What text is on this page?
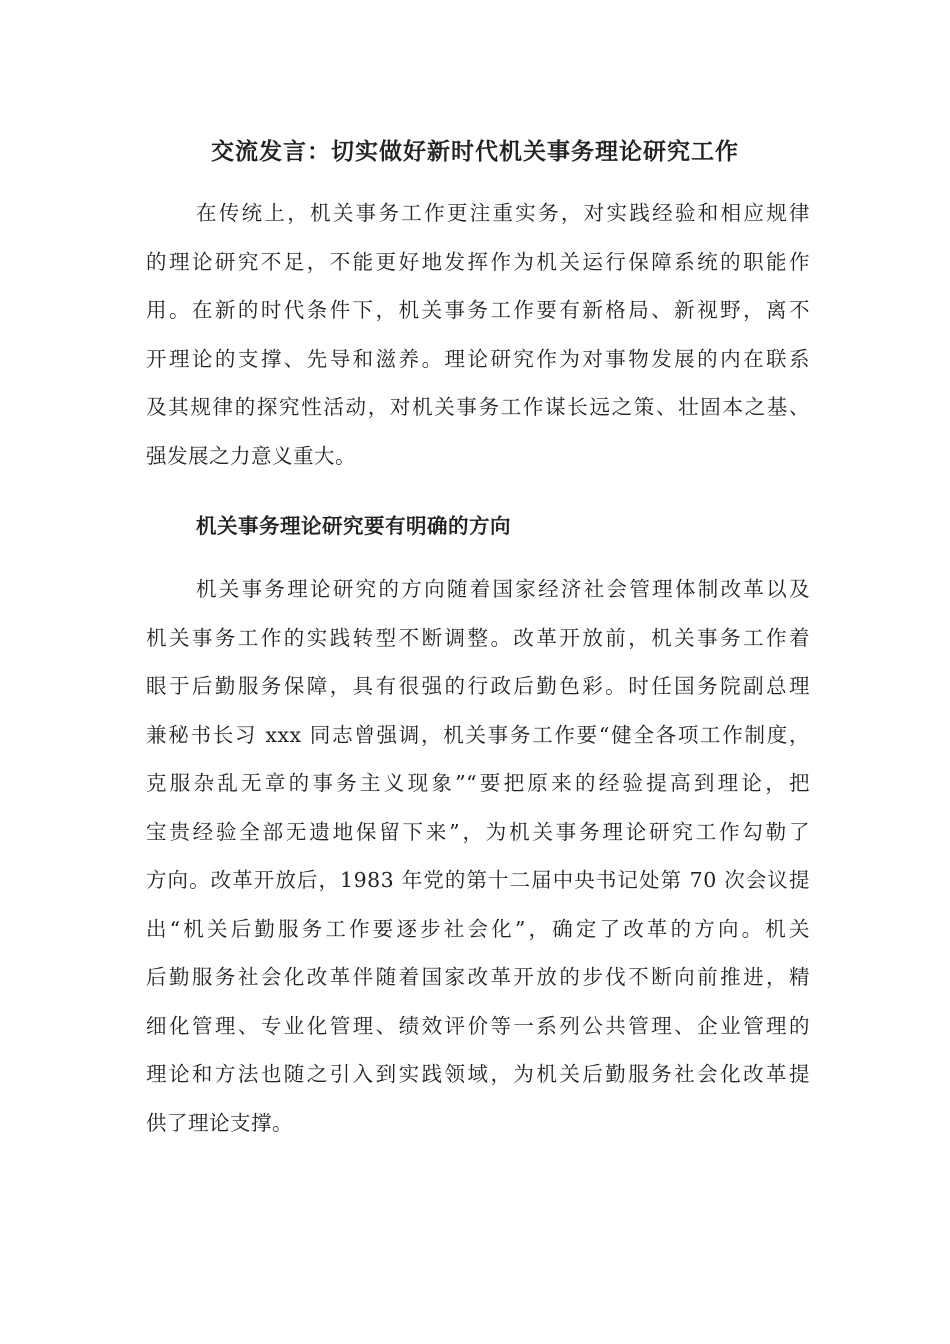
交流发言：切实做好新时代机关事务理论研究工作
在传统上，机关事务工作更注重实务，对实践经验和相应规律
的理论研究不足，不能更好地发挥作为机关运行保障系统的职能作
用。在新的时代条件下，机关事务工作要有新格局、新视野，离不
开理论的支撑、先导和滋养。理论研究作为对事物发展的内在联系
及其规律的探究性活动，对机关事务工作谋长远之策、壮固本之基、
强发展之力意义重大。
机关事务理论研究要有明确的方向
机关事务理论研究的方向随着国家经济社会管理体制改革以及
机关事务工作的实践转型不断调整。改革开放前，机关事务工作着
眼于后勤服务保障，具有很强的行政后勤色彩。时任国务院副总理
兼秘书长习 xxx 同志曾强调，机关事务工作要“健全各项工作制度，
克服杂乱无章的事务主义现象”“要把原来的经验提高到理论，把
宝贵经验全部无遗地保留下来”，为机关事务理论研究工作勾勒了
方向。改革开放后，1983 年党的第十二届中央书记处第 70 次会议提
出“机关后勤服务工作要逐步社会化”，确定了改革的方向。机关
后勤服务社会化改革伴随着国家改革开放的步伐不断向前推进，精
细化管理、专业化管理、绩效评价等一系列公共管理、企业管理的
理论和方法也随之引入到实践领域，为机关后勤服务社会化改革提
供了理论支撑。
